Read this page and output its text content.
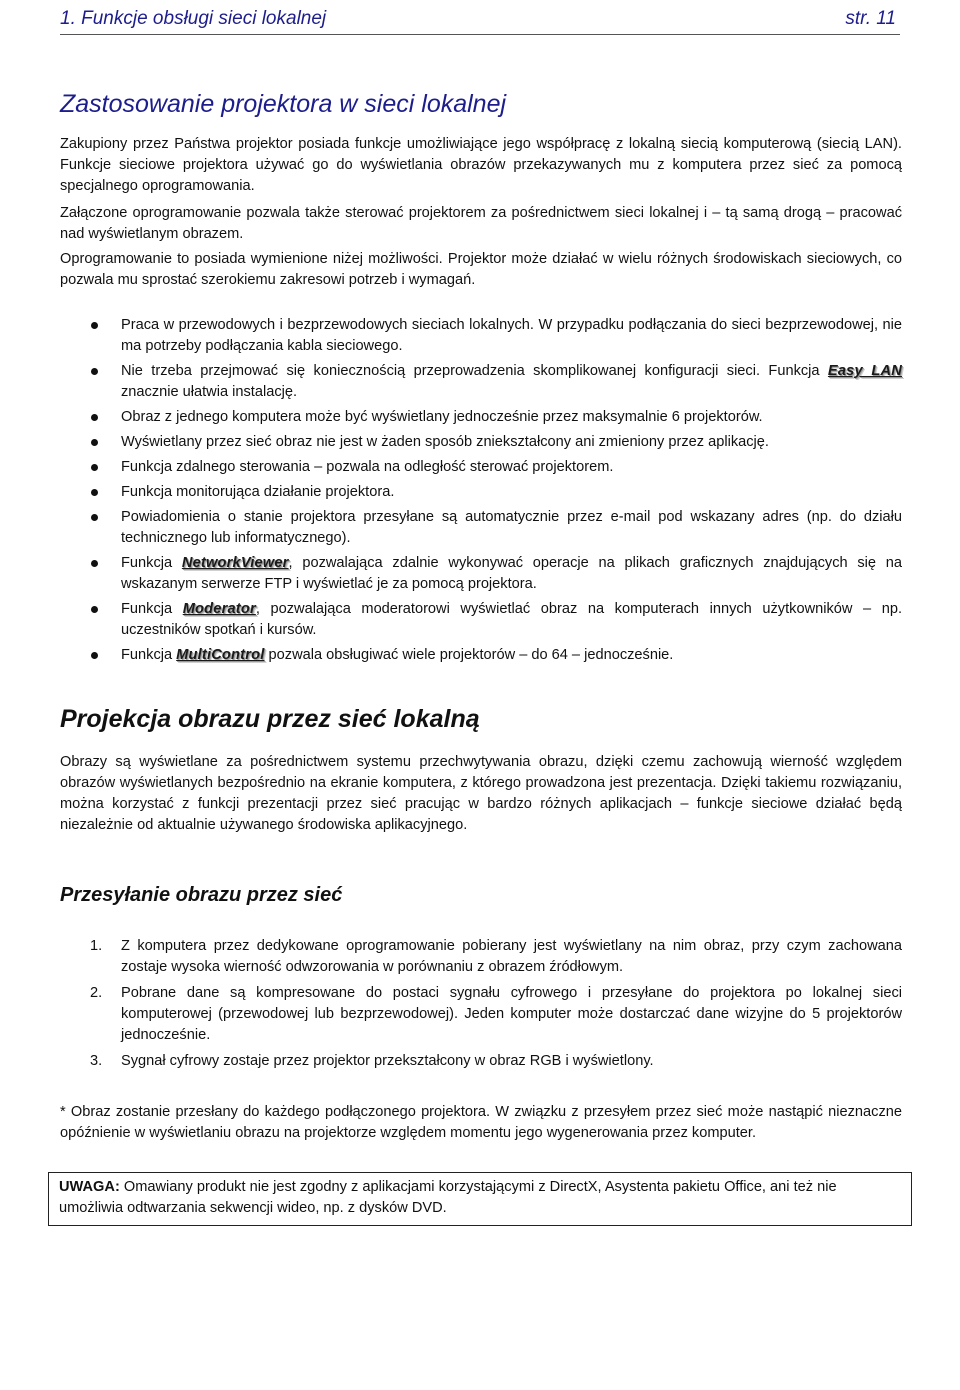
1. Funkcje obsługi sieci lokalnej	str. 11
Zastosowanie projektora w sieci lokalnej

Zakupiony przez Państwa projektor posiada funkcje umożliwiające jego współpracę z lokalną siecią komputerową (siecią LAN). Funkcje sieciowe projektora używać go do wyświetlania obrazów przekazywanych mu z komputera przez sieć za pomocą specjalnego oprogramowania.

Załączone oprogramowanie pozwala także sterować projektorem za pośrednictwem sieci lokalnej i – tą samą drogą – pracować nad wyświetlanym obrazem.

Oprogramowanie to posiada wymienione niżej możliwości. Projektor może działać w wielu różnych środowiskach sieciowych, co pozwala mu sprostać szerokiemu zakresowi potrzeb i wymagań.

Praca w przewodowych i bezprzewodowych sieciach lokalnych. W przypadku podłączania do sieci bezprzewodowej, nie ma potrzeby podłączania kabla sieciowego.
Nie trzeba przejmować się koniecznością przeprowadzenia skomplikowanej konfiguracji sieci. Funkcja Easy LAN znacznie ułatwia instalację.
Obraz z jednego komputera może być wyświetlany jednocześnie przez maksymalnie 6 projektorów.
Wyświetlany przez sieć obraz nie jest w żaden sposób zniekształcony ani zmieniony przez aplikację.
Funkcja zdalnego sterowania – pozwala na odległość sterować projektorem.
Funkcja monitorująca działanie projektora.
Powiadomienia o stanie projektora przesyłane są automatycznie przez e-mail pod wskazany adres (np. do działu technicznego lub informatycznego).
Funkcja NetworkViewer, pozwalająca zdalnie wykonywać operacje na plikach graficznych znajdujących się na wskazanym serwerze FTP i wyświetlać je za pomocą projektora.
Funkcja Moderator, pozwalająca moderatorowi wyświetlać obraz na komputerach innych użytkowników – np. uczestników spotkań i kursów.
Funkcja MultiControl pozwala obsługiwać wiele projektorów – do 64 – jednocześnie.
Projekcja obrazu przez sieć lokalną

Obrazy są wyświetlane za pośrednictwem systemu przechwytywania obrazu, dzięki czemu zachowują wierność względem obrazów wyświetlanych bezpośrednio na ekranie komputera, z którego prowadzona jest prezentacja. Dzięki takiemu rozwiązaniu, można korzystać z funkcji prezentacji przez sieć pracując w bardzo różnych aplikacjach – funkcje sieciowe działać będą niezależnie od aktualnie używanego środowiska aplikacyjnego.

Przesyłanie obrazu przez sieć
1. Z komputera przez dedykowane oprogramowanie pobierany jest wyświetlany na nim obraz, przy czym zachowana zostaje wysoka wierność odwzorowania w porównaniu z obrazem źródłowym.
2. Pobrane dane są kompresowane do postaci sygnału cyfrowego i przesyłane do projektora po lokalnej sieci komputerowej (przewodowej lub bezprzewodowej). Jeden komputer może dostarczać dane wizyjne do 5 projektorów jednocześnie.
3. Sygnał cyfrowy zostaje przez projektor przekształcony w obraz RGB i wyświetlony.

* Obraz zostanie przesłany do każdego podłączonego projektora. W związku z przesyłem przez sieć może nastąpić nieznaczne opóźnienie w wyświetlaniu obrazu na projektorze względem momentu jego wygenerowania przez komputer.

UWAGA: Omawiany produkt nie jest zgodny z aplikacjami korzystającymi z DirectX, Asystenta pakietu Office, ani też nie umożliwia odtwarzania sekwencji wideo, np. z dysków DVD.
